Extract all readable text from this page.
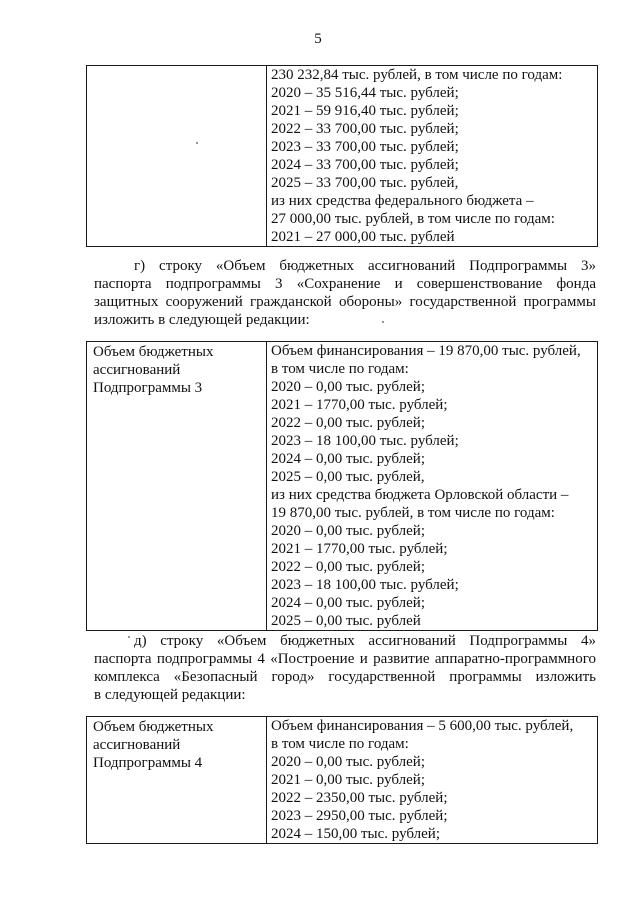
5

230 232,84 тыс. рублей, в том числе по годам:
2020 – 35 516,44 тыс. рублей;
2021 – 59 916,40 тыс. рублей;
2022 – 33 700,00 тыс. рублей;
2023 – 33 700,00 тыс. рублей;
2024 – 33 700,00 тыс. рублей;
2025 – 33 700,00 тыс. рублей,
из них средства федерального бюджета –
27 000,00 тыс. рублей, в том числе по годам:
2021 – 27 000,00 тыс. рублей
г) строку «Объем бюджетных ассигнований Подпрограммы 3»
паспорта подпрограммы 3 «Сохранение и совершенствование фонда
защитных сооружений гражданской обороны» государственной программы
изложить в следующей редакции:
Объем бюджетных
ассигнований
Подпрограммы 3

Объем финансирования – 19 870,00 тыс. рублей,
в том числе по годам:
2020 – 0,00 тыс. рублей;
2021 – 1770,00 тыс. рублей;
2022 – 0,00 тыс. рублей;
2023 – 18 100,00 тыс. рублей;
2024 – 0,00 тыс. рублей;
2025 – 0,00 тыс. рублей,
из них средства бюджета Орловской области –
19 870,00 тыс. рублей, в том числе по годам:
2020 – 0,00 тыс. рублей;
2021 – 1770,00 тыс. рублей;
2022 – 0,00 тыс. рублей;
2023 – 18 100,00 тыс. рублей;
2024 – 0,00 тыс. рублей;
2025 – 0,00 тыс. рублей
д) строку «Объем бюджетных ассигнований Подпрограммы 4»
паспорта подпрограммы 4 «Построение и развитие аппаратно-программного
комплекса «Безопасный город» государственной программы изложить
в следующей редакции:
Объем бюджетных
ассигнований
Подпрограммы 4

Объем финансирования – 5 600,00 тыс. рублей,
в том числе по годам:
2020 – 0,00 тыс. рублей;
2021 – 0,00 тыс. рублей;
2022 – 2350,00 тыс. рублей;
2023 – 2950,00 тыс. рублей;
2024 – 150,00 тыс. рублей;
